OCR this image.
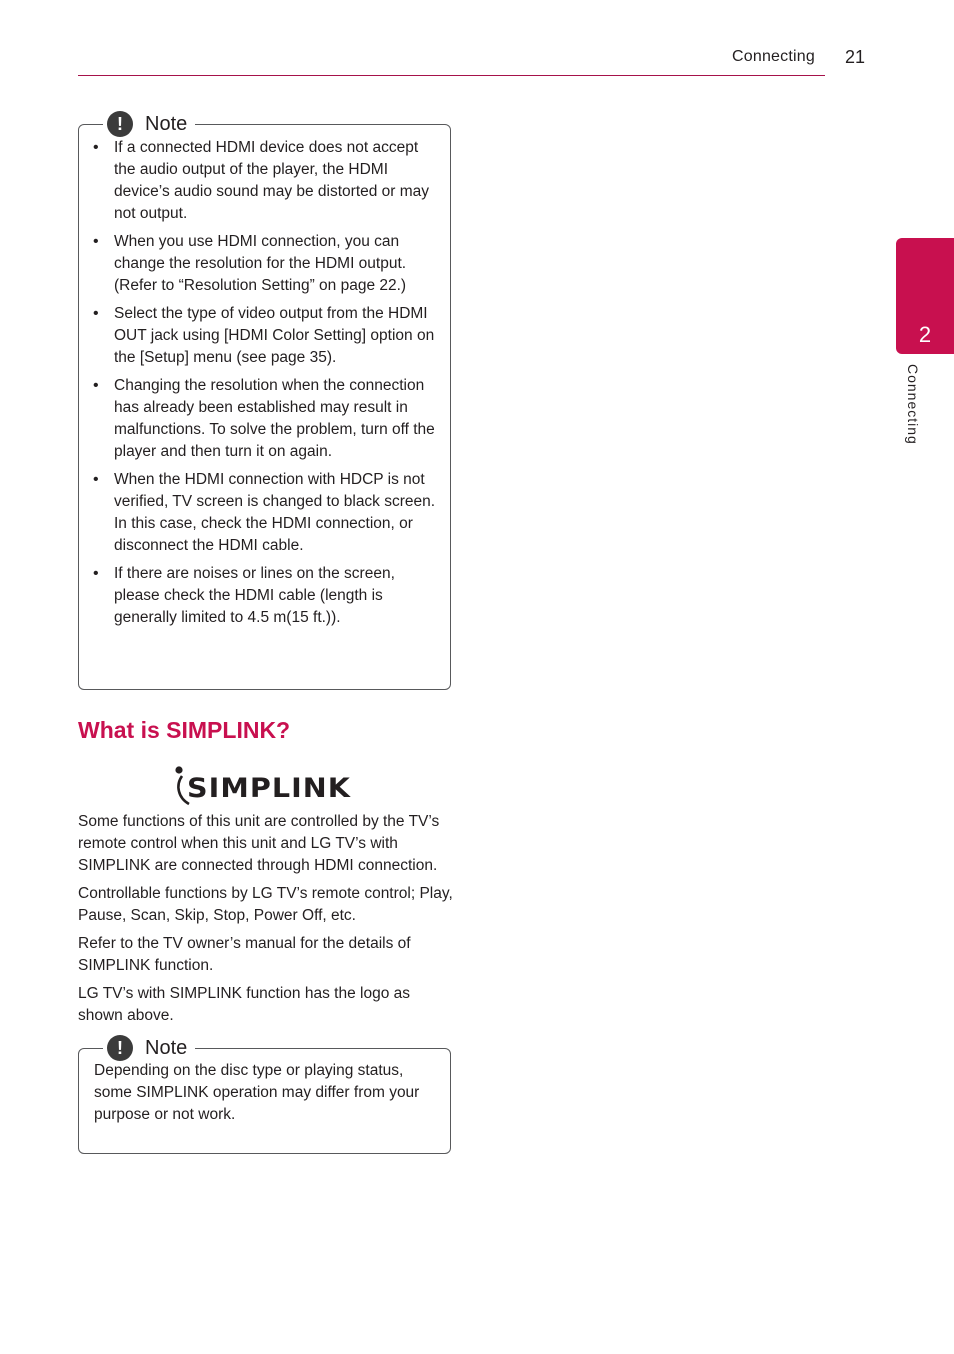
Connecting 21
2
Connecting
!	Note
• If a connected HDMI device does not accept the audio output of the player, the HDMI device’s audio sound may be distorted or may not output.
• When you use HDMI connection, you can change the resolution for the HDMI output. (Refer to “Resolution Setting” on page 22.)
• Select the type of video output from the HDMI OUT jack using [HDMI Color Setting] option on the [Setup] menu (see page 35).
• Changing the resolution when the connection has already been established may result in malfunctions. To solve the problem, turn off the player and then turn it on again.
• When the HDMI connection with HDCP is not verified, TV screen is changed to black screen. In this case, check the HDMI connection, or disconnect the HDMI cable.
• If there are noises or lines on the screen, please check the HDMI cable (length is generally limited to 4.5 m(15 ft.)).
What is SIMPLINK?
SIMPLINK

Some functions of this unit are controlled by the TV’s remote control when this unit and LG TV’s with SIMPLINK are connected through HDMI connection.

Controllable functions by LG TV’s remote control; Play, Pause, Scan, Skip, Stop, Power Off, etc.

Refer to the TV owner’s manual for the details of SIMPLINK function.

LG TV’s with SIMPLINK function has the logo as shown above.

!	Note

Depending on the disc type or playing status, some SIMPLINK operation may differ from your purpose or not work.
